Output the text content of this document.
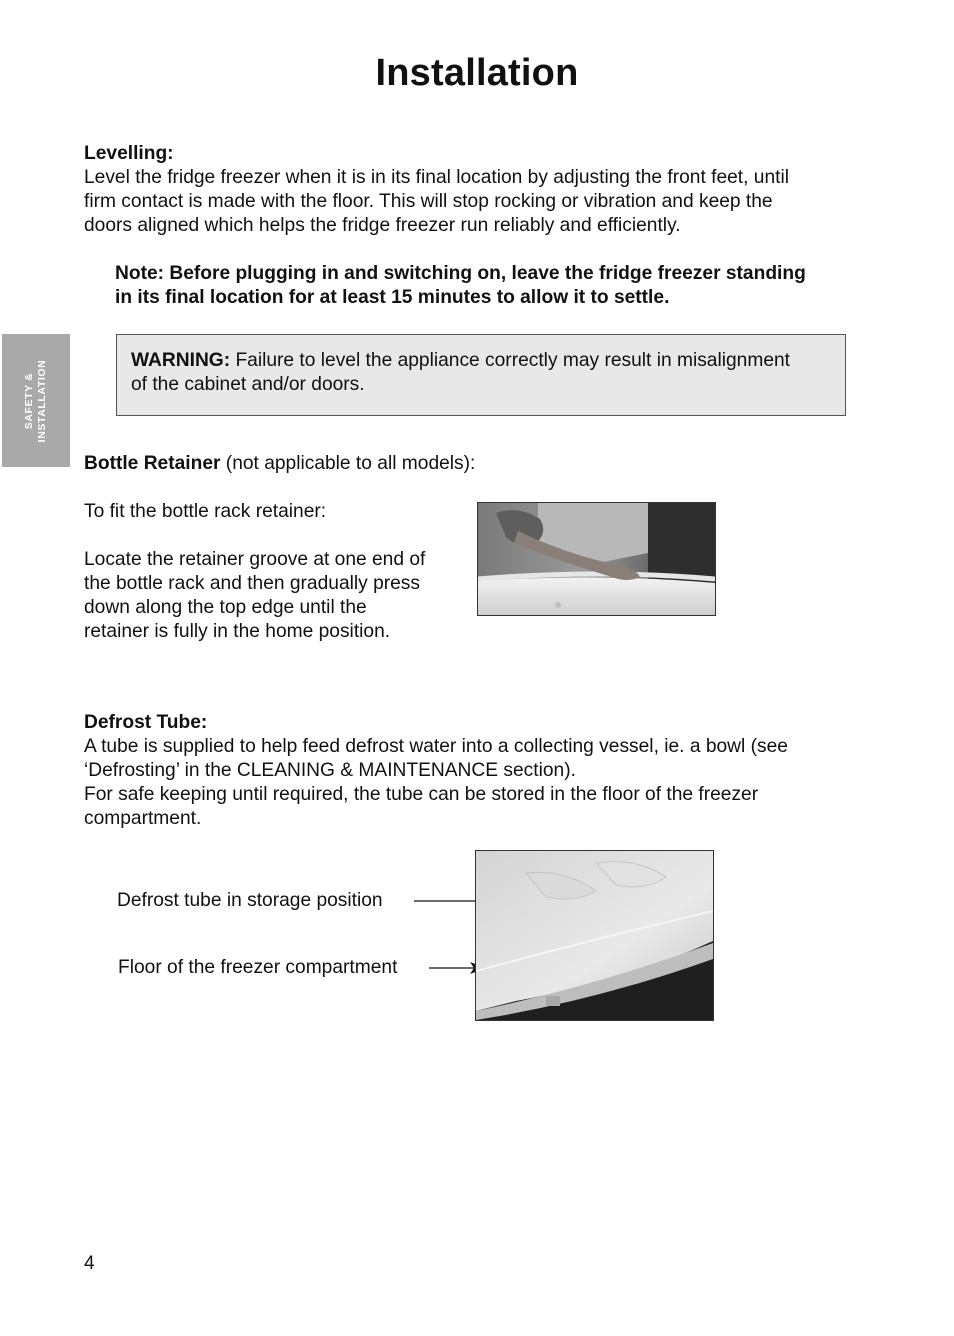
Installation
SAFETY & INSTALLATION
Levelling:
Level the fridge freezer when it is in its final location by adjusting the front feet, until
firm contact is made with the floor. This will stop rocking or vibration and keep the
doors aligned which helps the fridge freezer run reliably and efficiently.
Note: Before plugging in and switching on, leave the fridge freezer standing
in its final location for at least 15 minutes to allow it to settle.
WARNING: Failure to level the appliance correctly may result in misalignment
of the cabinet and/or doors.
Bottle Retainer (not applicable to all models):
To fit the bottle rack retainer:
Locate the retainer groove at one end of
the bottle rack and then gradually press
down along the top edge until the
retainer is fully in the home position.
Defrost Tube:
A tube is supplied to help feed defrost water into a collecting vessel, ie. a bowl (see
‘Defrosting’ in the CLEANING & MAINTENANCE section).
For safe keeping until required, the tube can be stored in the floor of the freezer
compartment.
Defrost tube in storage position
Floor of the freezer compartment
4
